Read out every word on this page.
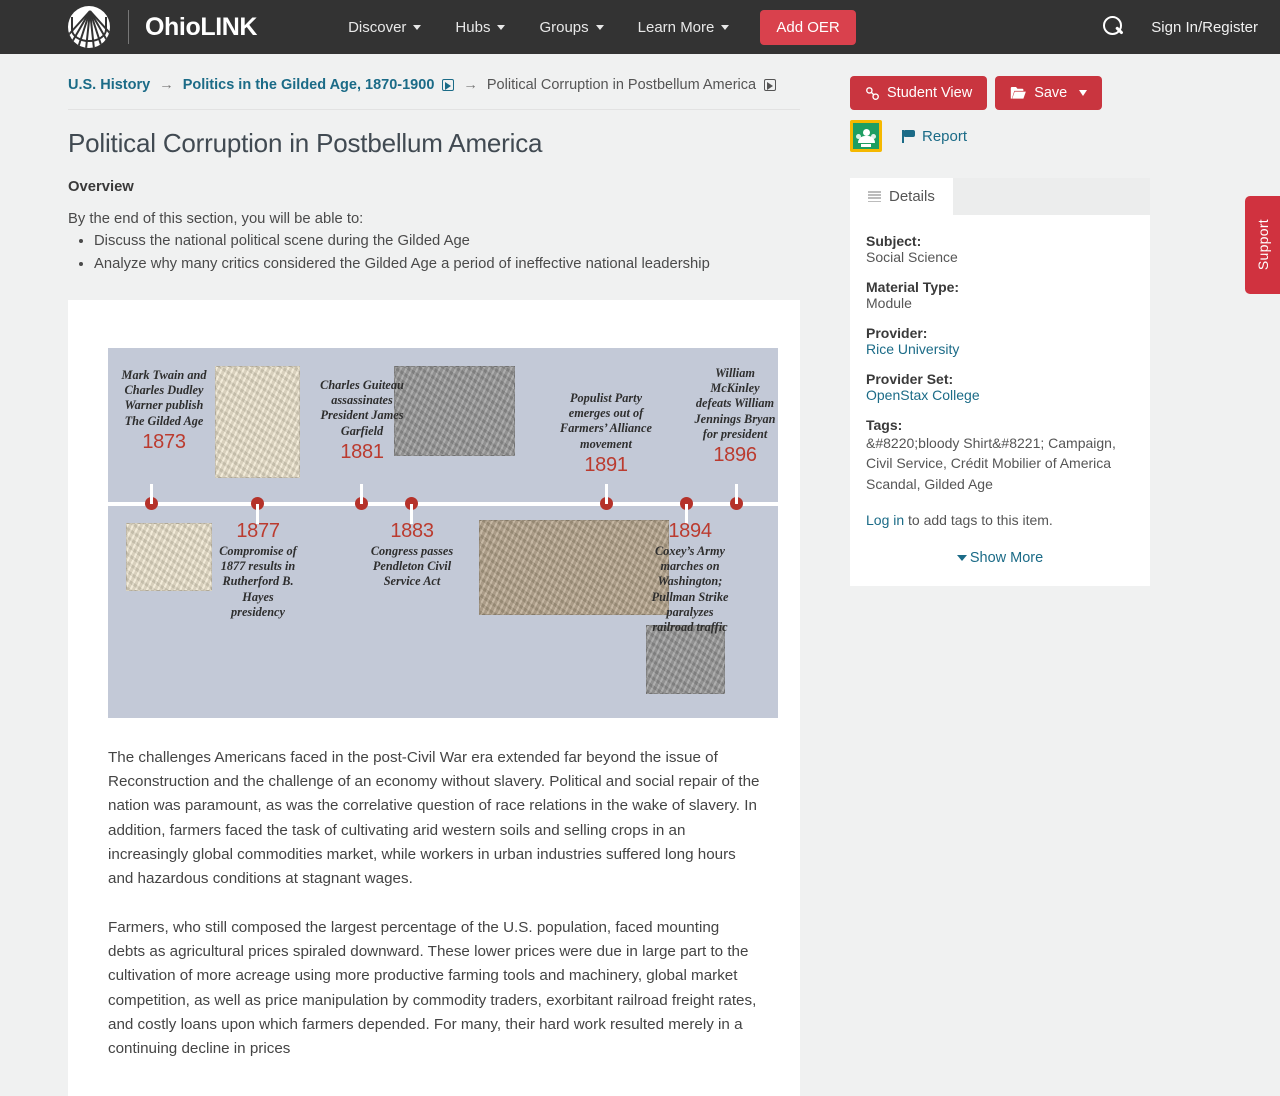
OhioLINK	Discover	Hubs	Groups	Learn More	Add OER	Sign In/Register
U.S. History → Politics in the Gilded Age, 1870-1900 → Political Corruption in Postbellum America
Political Corruption in Postbellum America
Overview

By the end of this section, you will be able to:

• Discuss the national political scene during the Gilded Age
• Analyze why many critics considered the Gilded Age a period of ineffective national leadership
Mark Twain and Charles Dudley Warner publish The Gilded Age
1873
Charles Guiteau assassinates President James Garfield
1881
Populist Party emerges out of Farmers’ Alliance movement
1891
William McKinley defeats William Jennings Bryan for president
1896
1877
Compromise of 1877 results in Rutherford B. Hayes presidency
1883
Congress passes Pendleton Civil Service Act
1894
Coxey’s Army marches on Washington; Pullman Strike paralyzes railroad traffic

The challenges Americans faced in the post-Civil War era extended far beyond the issue of Reconstruction and the challenge of an economy without slavery. Political and social repair of the nation was paramount, as was the correlative question of race relations in the wake of slavery. In addition, farmers faced the task of cultivating arid western soils and selling crops in an increasingly global commodities market, while workers in urban industries suffered long hours and hazardous conditions at stagnant wages.

Farmers, who still composed the largest percentage of the U.S. population, faced mounting debts as agricultural prices spiraled downward. These lower prices were due in large part to the cultivation of more acreage using more productive farming tools and machinery, global market competition, as well as price manipulation by commodity traders, exorbitant railroad freight rates, and costly loans upon which farmers depended. For many, their hard work resulted merely in a continuing decline in prices

Student View	Save
Report
Details
Subject:
Social Science
Material Type:
Module
Provider:
Rice University
Provider Set:
OpenStax College
Tags:
&#8220;bloody Shirt&#8221; Campaign, Civil Service, Crédit Mobilier of America Scandal, Gilded Age
Log in to add tags to this item.
Show More
Support
